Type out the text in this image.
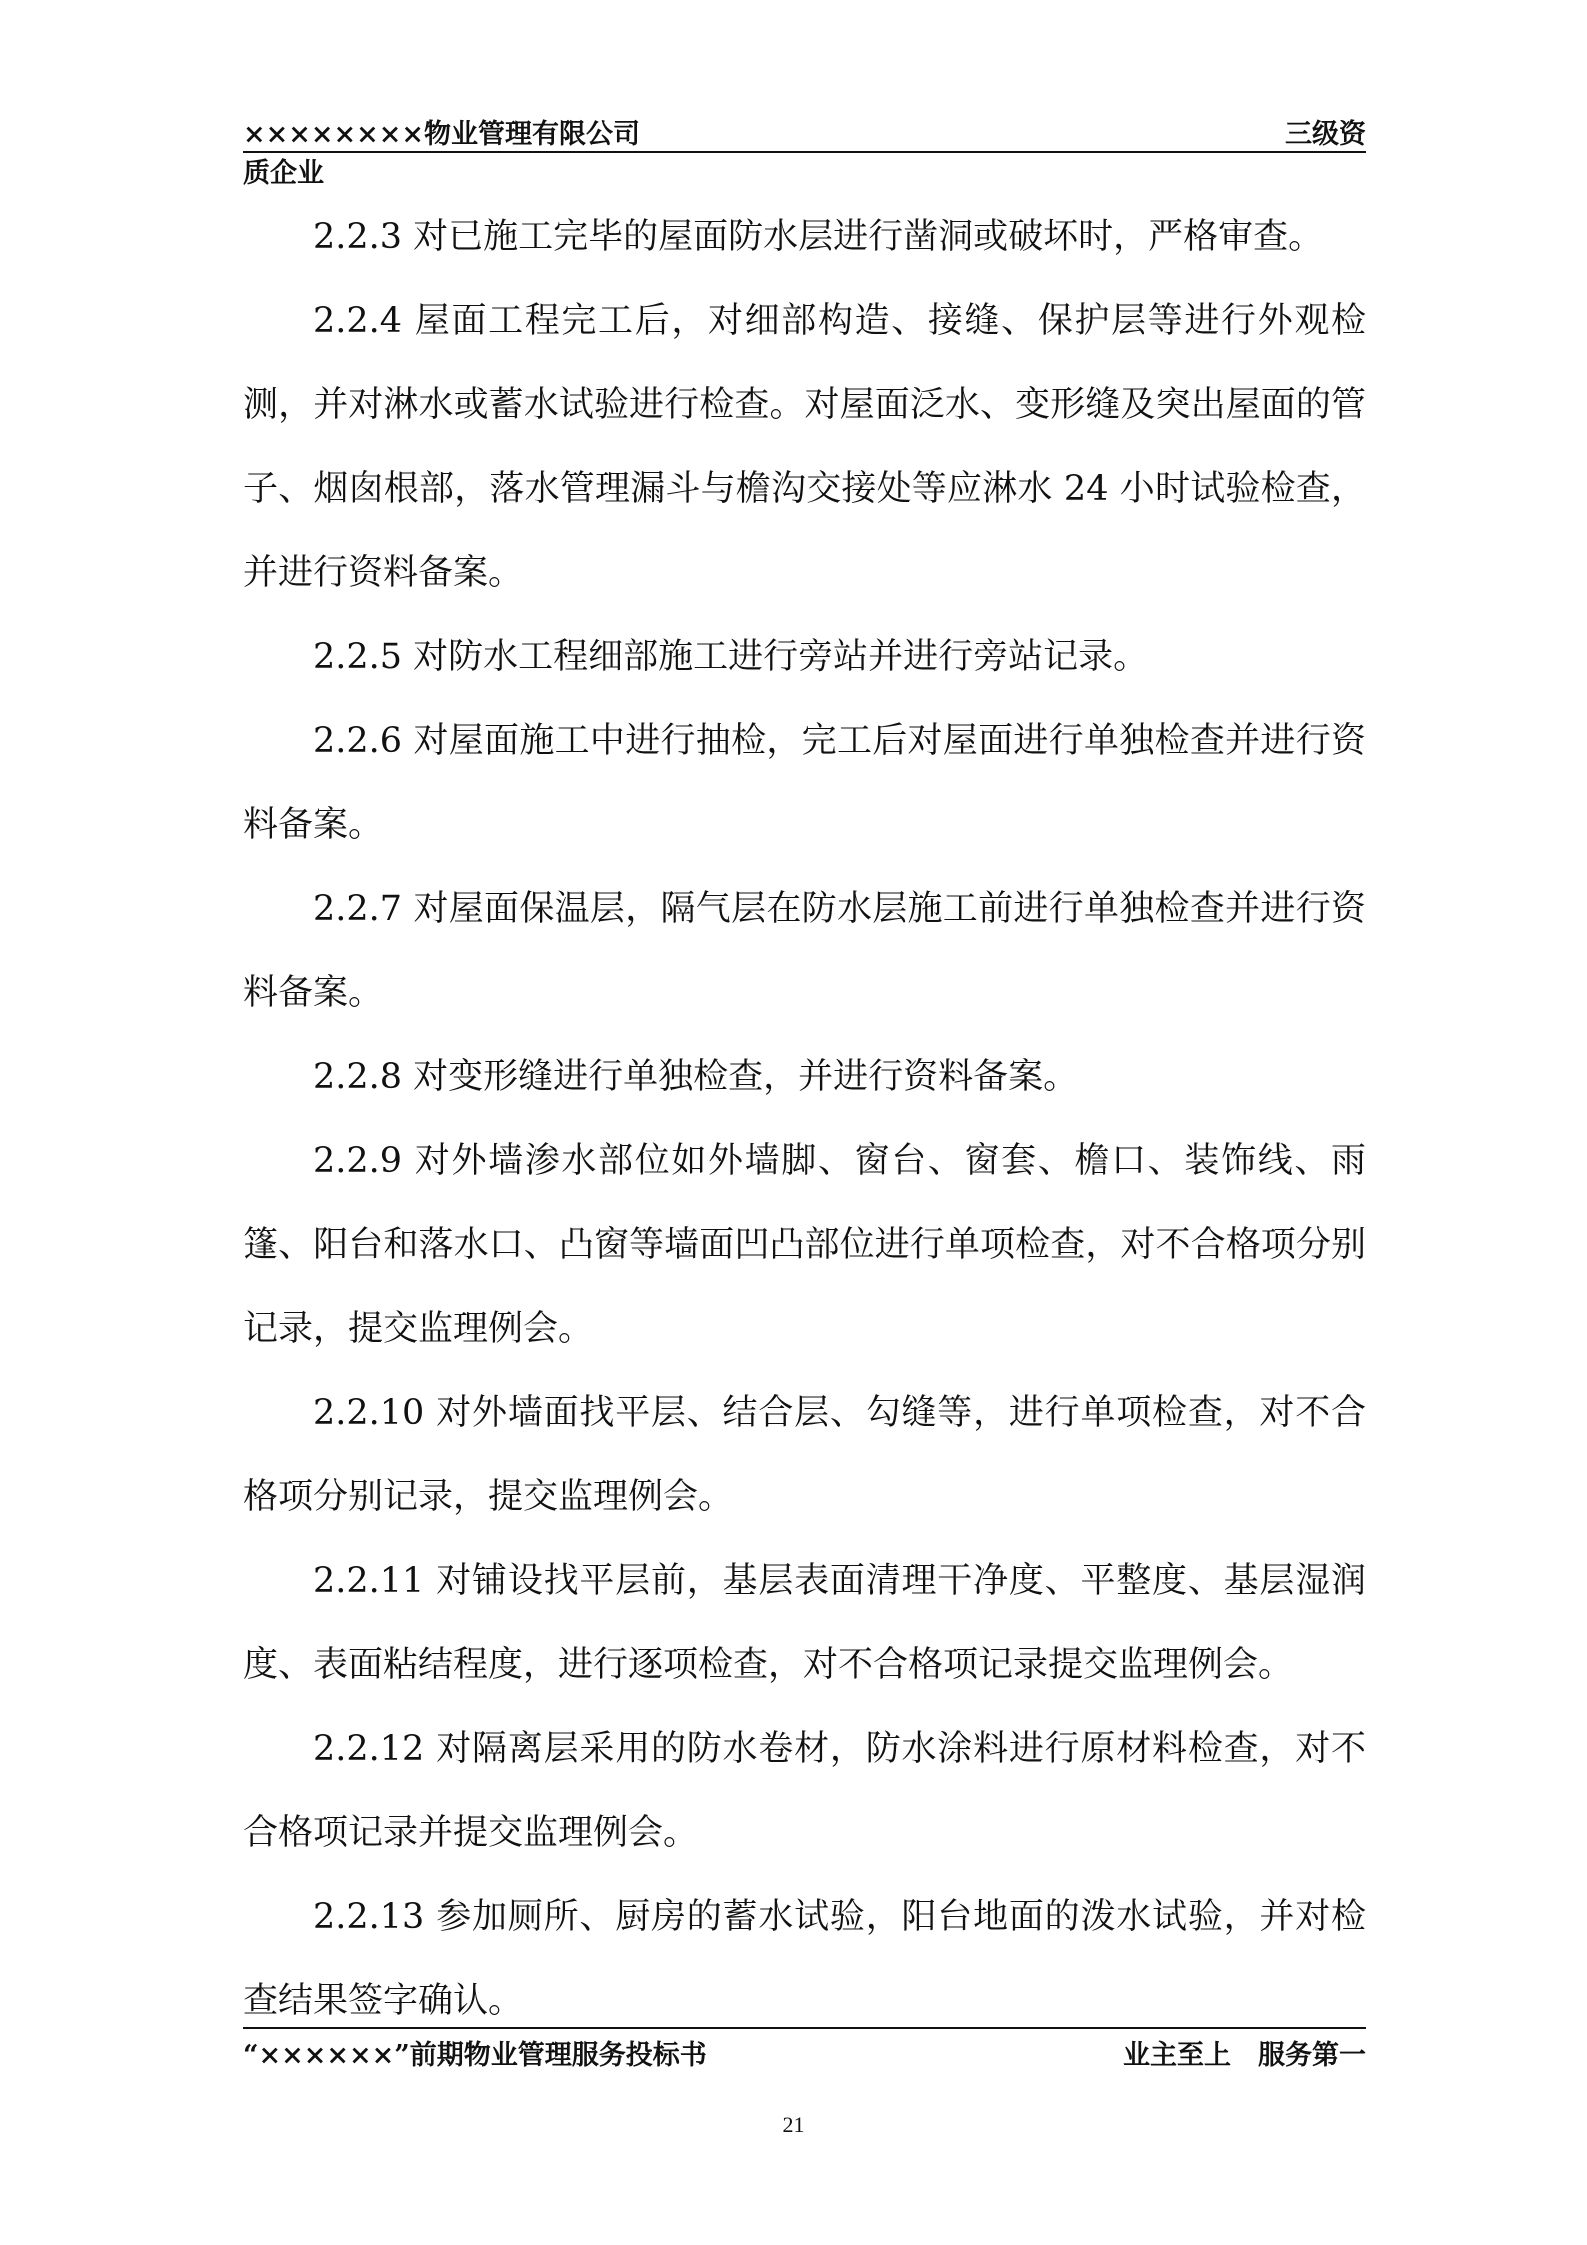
××××××××物业管理有限公司	三级资
质企业

2.2.3 对已施工完毕的屋面防水层进行凿洞或破坏时，严格审查。

2.2.4 屋面工程完工后，对细部构造、接缝、保护层等进行外观检测，并对淋水或蓄水试验进行检查。对屋面泛水、变形缝及突出屋面的管子、烟囱根部，落水管理漏斗与檐沟交接处等应淋水 24 小时试验检查，并进行资料备案。

2.2.5 对防水工程细部施工进行旁站并进行旁站记录。

2.2.6 对屋面施工中进行抽检，完工后对屋面进行单独检查并进行资料备案。

2.2.7 对屋面保温层，隔气层在防水层施工前进行单独检查并进行资料备案。

2.2.8 对变形缝进行单独检查，并进行资料备案。

2.2.9 对外墙渗水部位如外墙脚、窗台、窗套、檐口、装饰线、雨篷、阳台和落水口、凸窗等墙面凹凸部位进行单项检查，对不合格项分别记录，提交监理例会。

2.2.10 对外墙面找平层、结合层、勾缝等，进行单项检查，对不合格项分别记录，提交监理例会。

2.2.11 对铺设找平层前，基层表面清理干净度、平整度、基层湿润度、表面粘结程度，进行逐项检查，对不合格项记录提交监理例会。

2.2.12 对隔离层采用的防水卷材，防水涂料进行原材料检查，对不合格项记录并提交监理例会。

2.2.13 参加厕所、厨房的蓄水试验，阳台地面的泼水试验，并对检查结果签字确认。

“××××××”前期物业管理服务投标书	业主至上　服务第一
21
